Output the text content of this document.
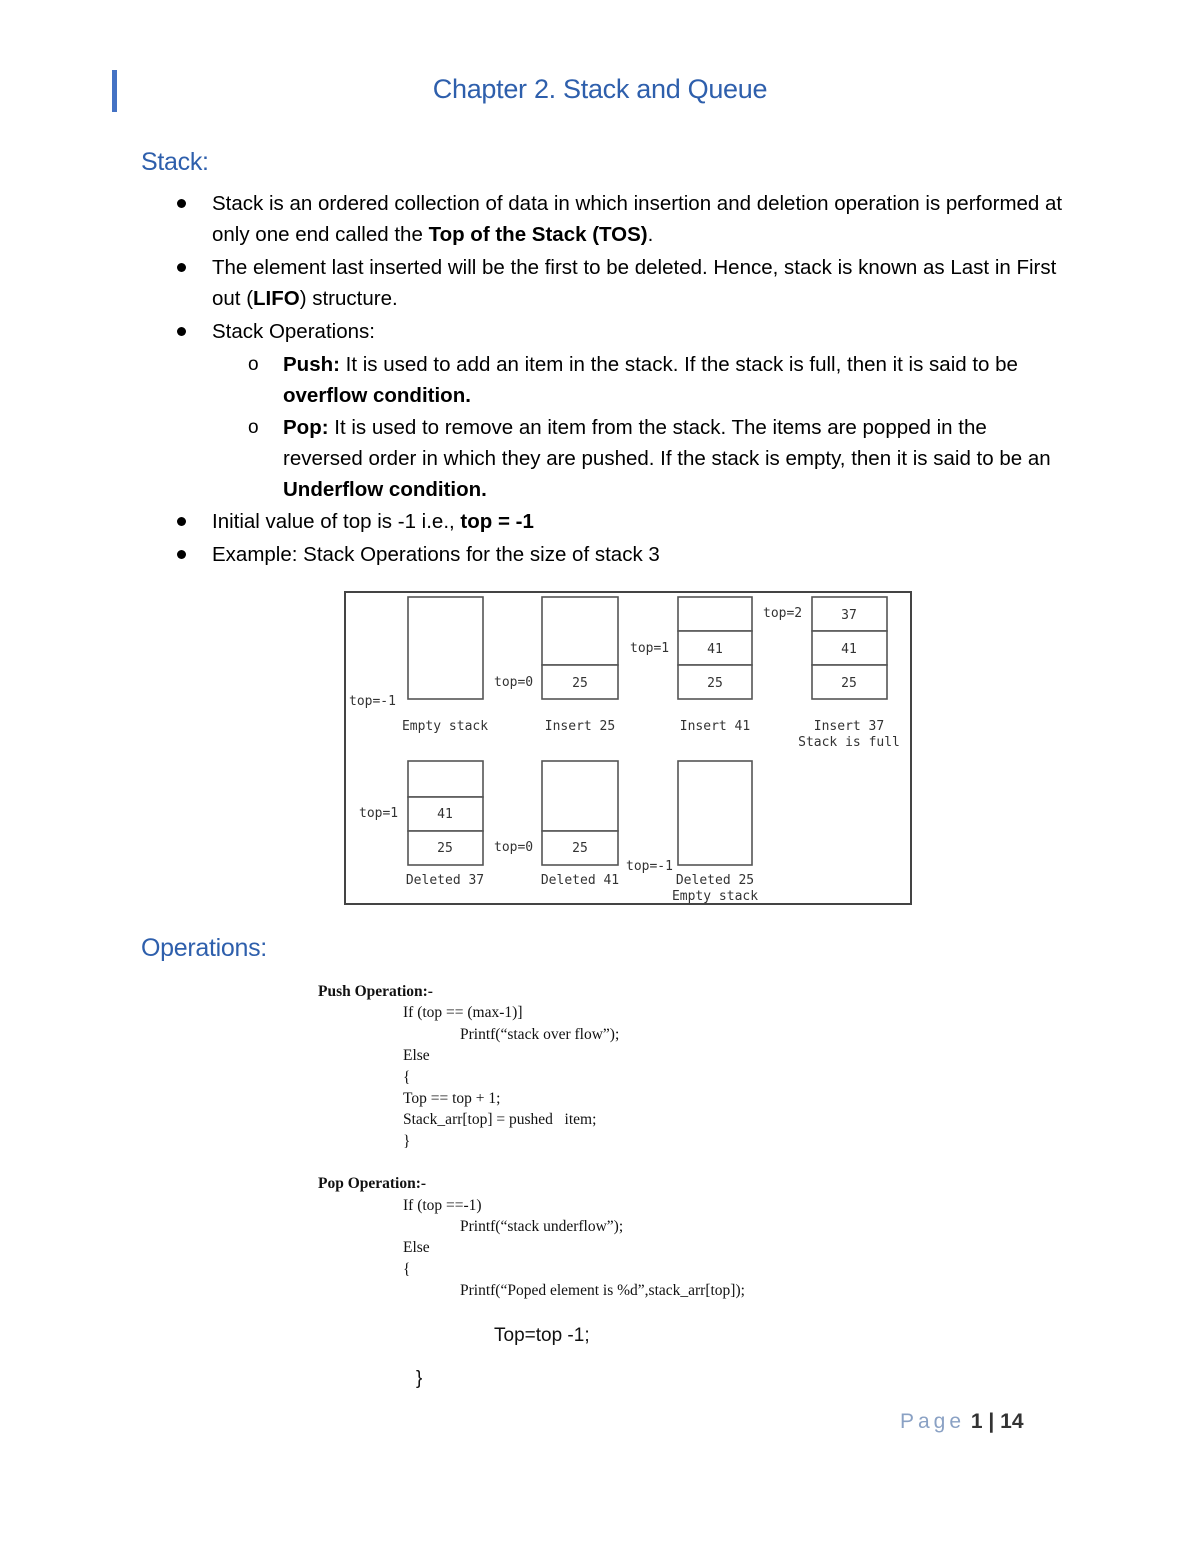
Chapter 2. Stack and Queue
Stack:
Stack is an ordered collection of data in which insertion and deletion operation is performed at only one end called the Top of the Stack (TOS).
The element last inserted will be the first to be deleted. Hence, stack is known as Last in First out (LIFO) structure.
Stack Operations:
o Push: It is used to add an item in the stack. If the stack is full, then it is said to be overflow condition.
o Pop: It is used to remove an item from the stack. The items are popped in the reversed order in which they are pushed. If the stack is empty, then it is said to be an Underflow condition.
Initial value of top is -1 i.e., top = -1
Example: Stack Operations for the size of stack 3
25
41
25
37
41
25
41
25	25
top=-1
top=0
top=1
top=2
top=1
top=0
top=-1
Empty stack	Insert 25	Insert 41	Insert 37
Stack is full
Deleted 37	Deleted 41	Deleted 25
Empty stack
Operations:
Push Operation:-
If (top == (max-1)]
Printf(“stack over flow”);
Else
{
Top == top + 1;
Stack_arr[top] = pushed   item;
}
Pop Operation:-
If (top ==-1)
Printf(“stack underflow”);
Else
{
Printf(“Poped element is %d”,stack_arr[top]);
Top=top -1;
}
Page 1 | 14
